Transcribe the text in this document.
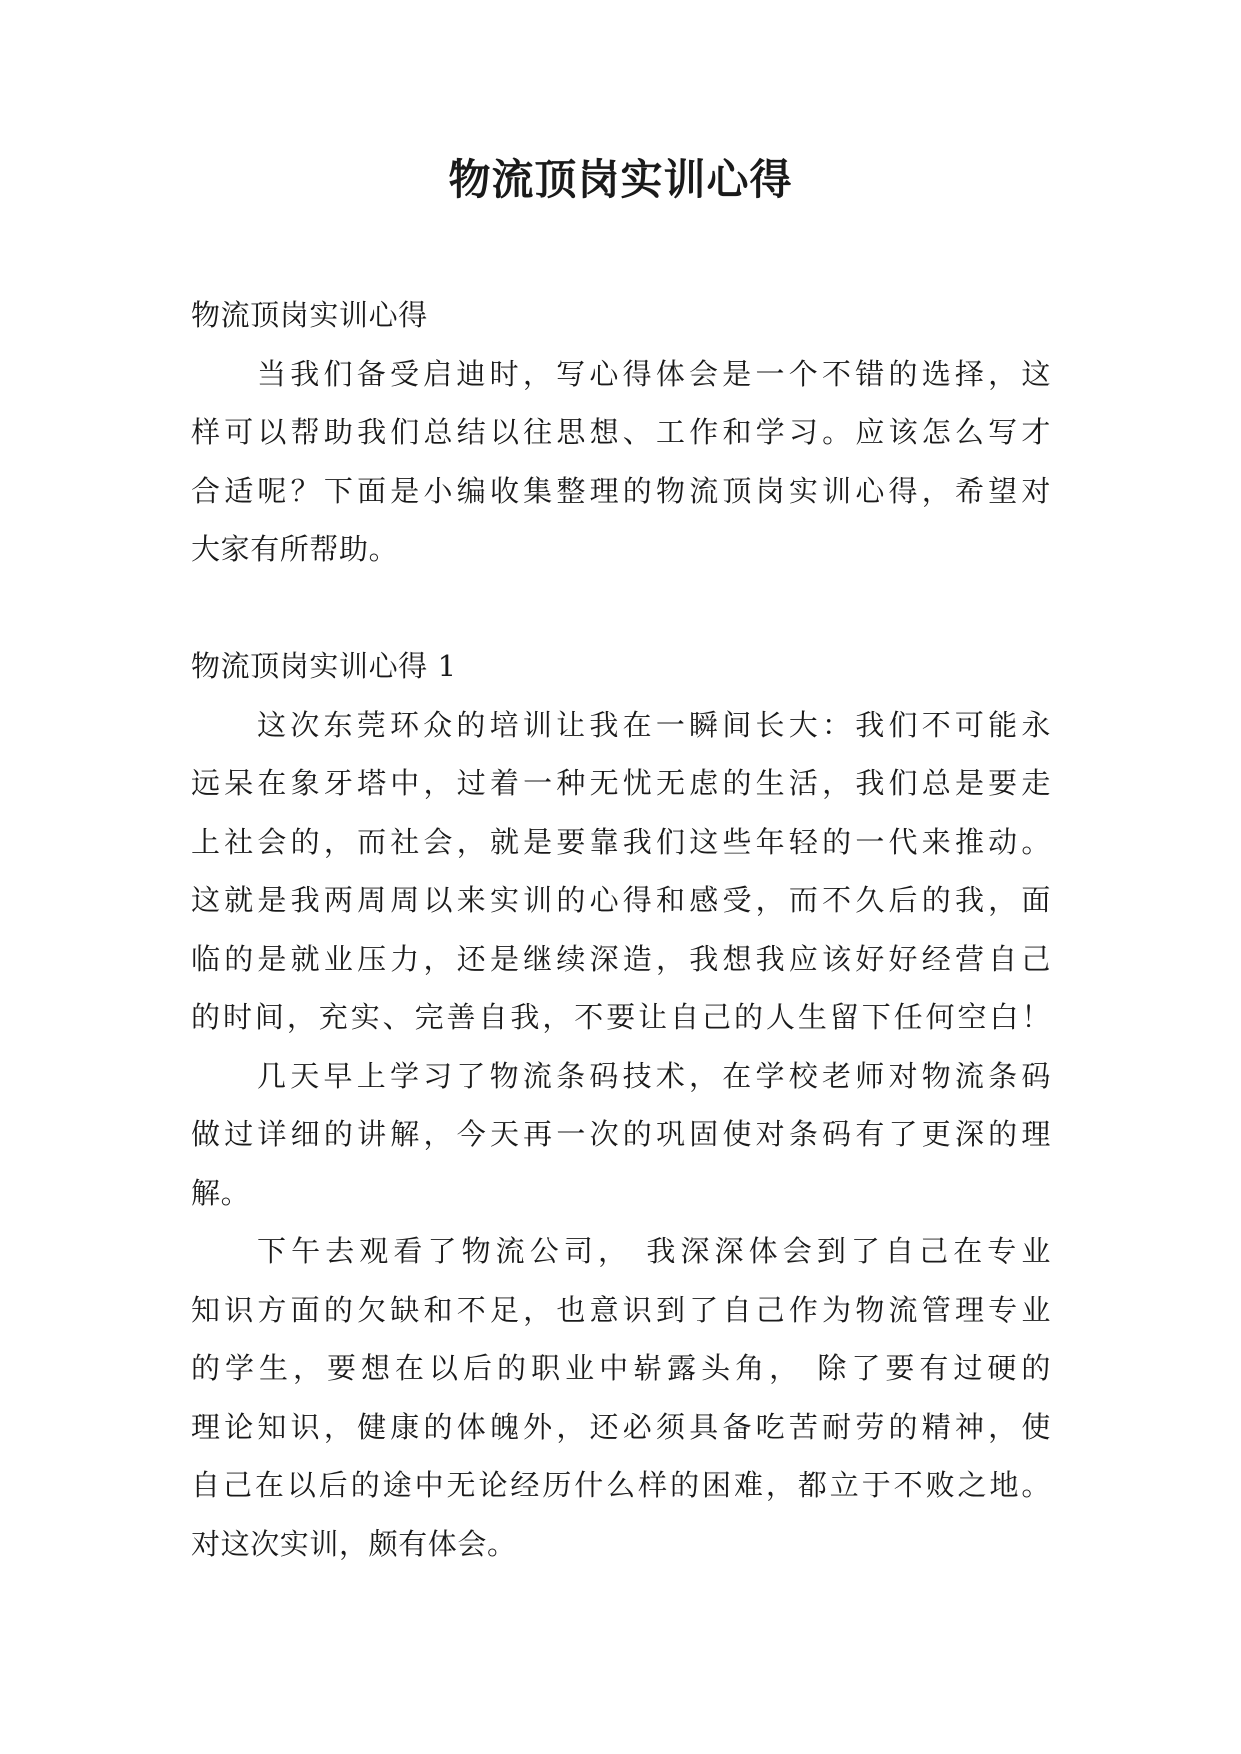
物流顶岗实训心得
物流顶岗实训心得
当我们备受启迪时，写心得体会是一个不错的选择，这
样可以帮助我们总结以往思想、工作和学习。应该怎么写才
合适呢？下面是小编收集整理的物流顶岗实训心得，希望对
大家有所帮助。
物流顶岗实训心得 1
这次东莞环众的培训让我在一瞬间长大：我们不可能永
远呆在象牙塔中，过着一种无忧无虑的生活，我们总是要走
上社会的，而社会，就是要靠我们这些年轻的一代来推动。
这就是我两周周以来实训的心得和感受，而不久后的我，面
临的是就业压力，还是继续深造，我想我应该好好经营自己
的时间，充实、完善自我，不要让自己的人生留下任何空白！
几天早上学习了物流条码技术，在学校老师对物流条码
做过详细的讲解，今天再一次的巩固使对条码有了更深的理
解。
下午去观看了物流公司， 我深深体会到了自己在专业
知识方面的欠缺和不足，也意识到了自己作为物流管理专业
的学生，要想在以后的职业中崭露头角， 除了要有过硬的
理论知识，健康的体魄外，还必须具备吃苦耐劳的精神，使
自己在以后的途中无论经历什么样的困难，都立于不败之地。
对这次实训，颇有体会。
